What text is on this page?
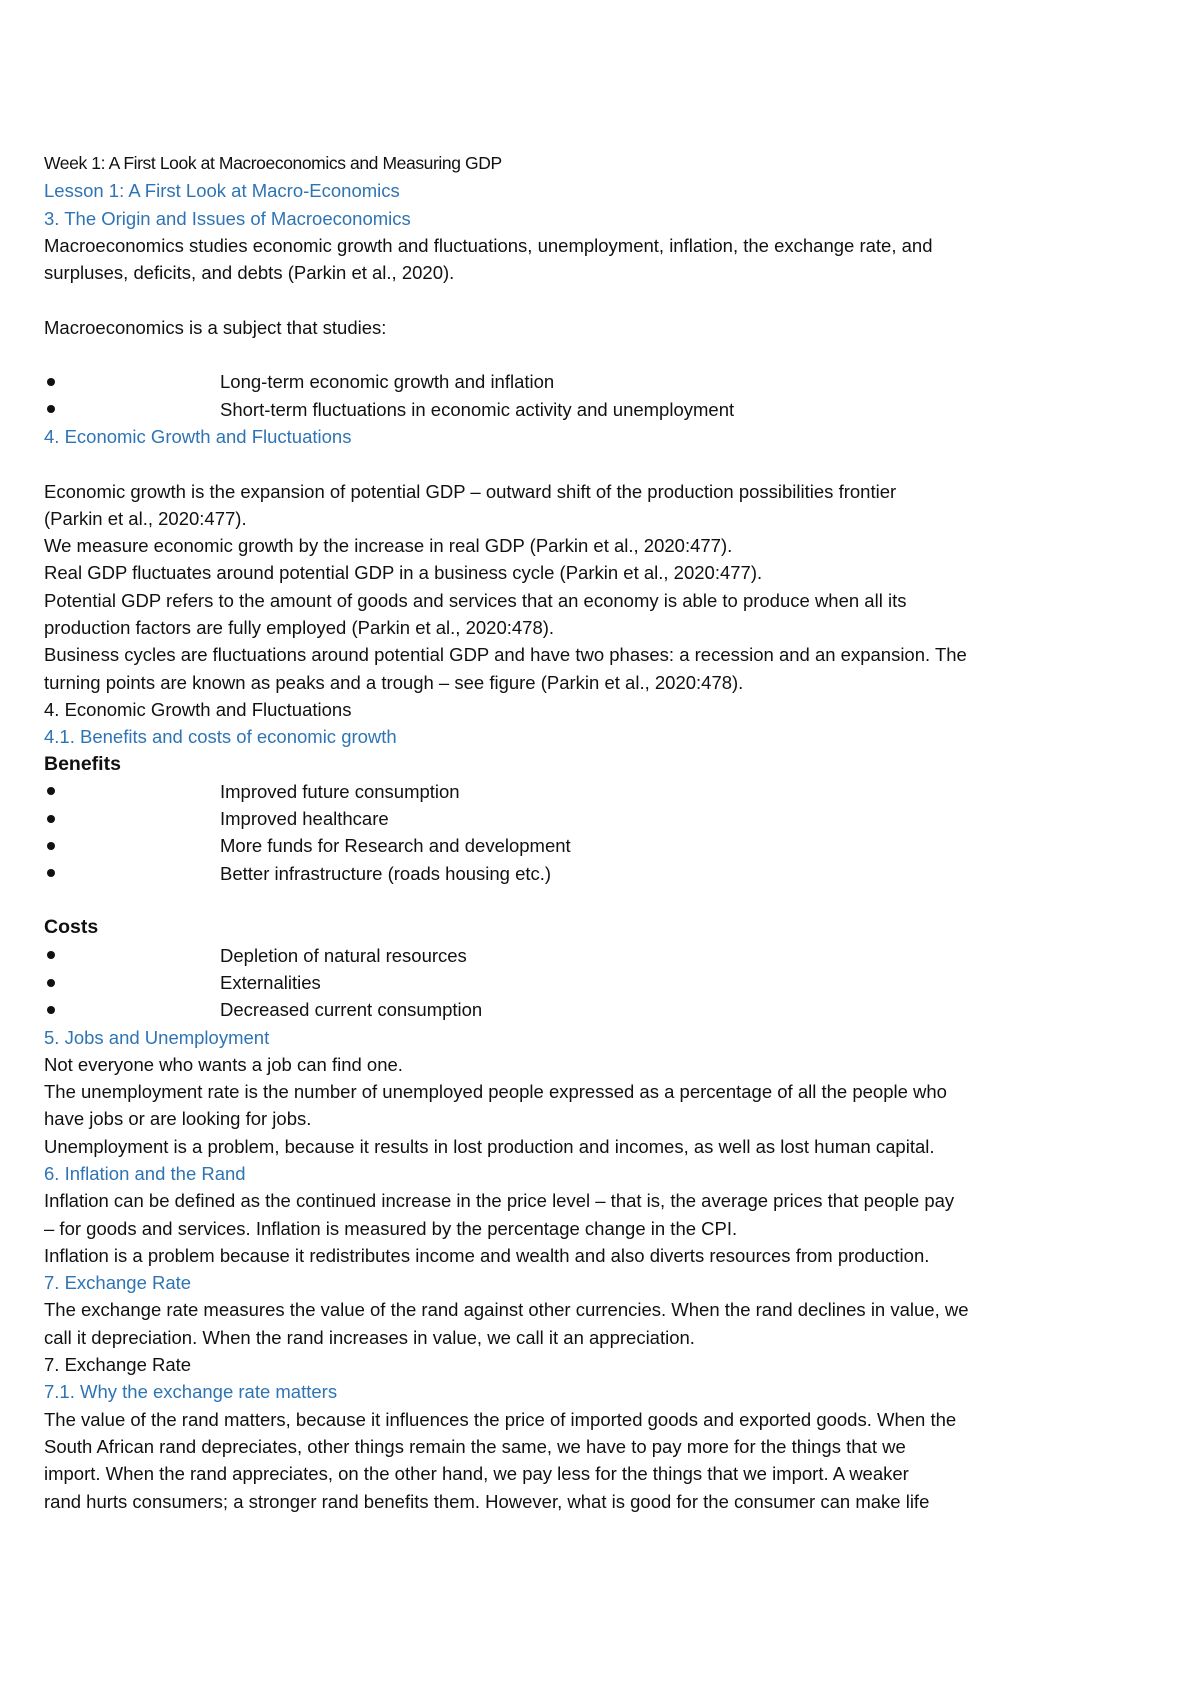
Week 1: A First Look at Macroeconomics and Measuring GDP
Lesson 1: A First Look at Macro-Economics
3. The Origin and Issues of Macroeconomics
Macroeconomics studies economic growth and fluctuations, unemployment, inflation, the exchange rate, and
surpluses, deficits, and debts (Parkin et al., 2020).
Macroeconomics is a subject that studies:
Long-term economic growth and inflation
Short-term fluctuations in economic activity and unemployment
4. Economic Growth and Fluctuations
Economic growth is the expansion of potential GDP – outward shift of the production possibilities frontier
(Parkin et al., 2020:477).
We measure economic growth by the increase in real GDP (Parkin et al., 2020:477).
Real GDP fluctuates around potential GDP in a business cycle (Parkin et al., 2020:477).
Potential GDP refers to the amount of goods and services that an economy is able to produce when all its
production factors are fully employed (Parkin et al., 2020:478).
Business cycles are fluctuations around potential GDP and have two phases: a recession and an expansion. The
turning points are known as peaks and a trough – see figure (Parkin et al., 2020:478).
4. Economic Growth and Fluctuations
4.1. Benefits and costs of economic growth
Benefits
Improved future consumption
Improved healthcare
More funds for Research and development
Better infrastructure (roads housing etc.)
Costs
Depletion of natural resources
Externalities
Decreased current consumption
5. Jobs and Unemployment
Not everyone who wants a job can find one.
The unemployment rate is the number of unemployed people expressed as a percentage of all the people who
have jobs or are looking for jobs.
Unemployment is a problem, because it results in lost production and incomes, as well as lost human capital.
6. Inflation and the Rand
Inflation can be defined as the continued increase in the price level – that is, the average prices that people pay
– for goods and services. Inflation is measured by the percentage change in the CPI.
Inflation is a problem because it redistributes income and wealth and also diverts resources from production.
7. Exchange Rate
The exchange rate measures the value of the rand against other currencies. When the rand declines in value, we
call it depreciation. When the rand increases in value, we call it an appreciation.
7. Exchange Rate
7.1. Why the exchange rate matters
The value of the rand matters, because it influences the price of imported goods and exported goods. When the
South African rand depreciates, other things remain the same, we have to pay more for the things that we
import. When the rand appreciates, on the other hand, we pay less for the things that we import. A weaker
rand hurts consumers; a stronger rand benefits them. However, what is good for the consumer can make life
